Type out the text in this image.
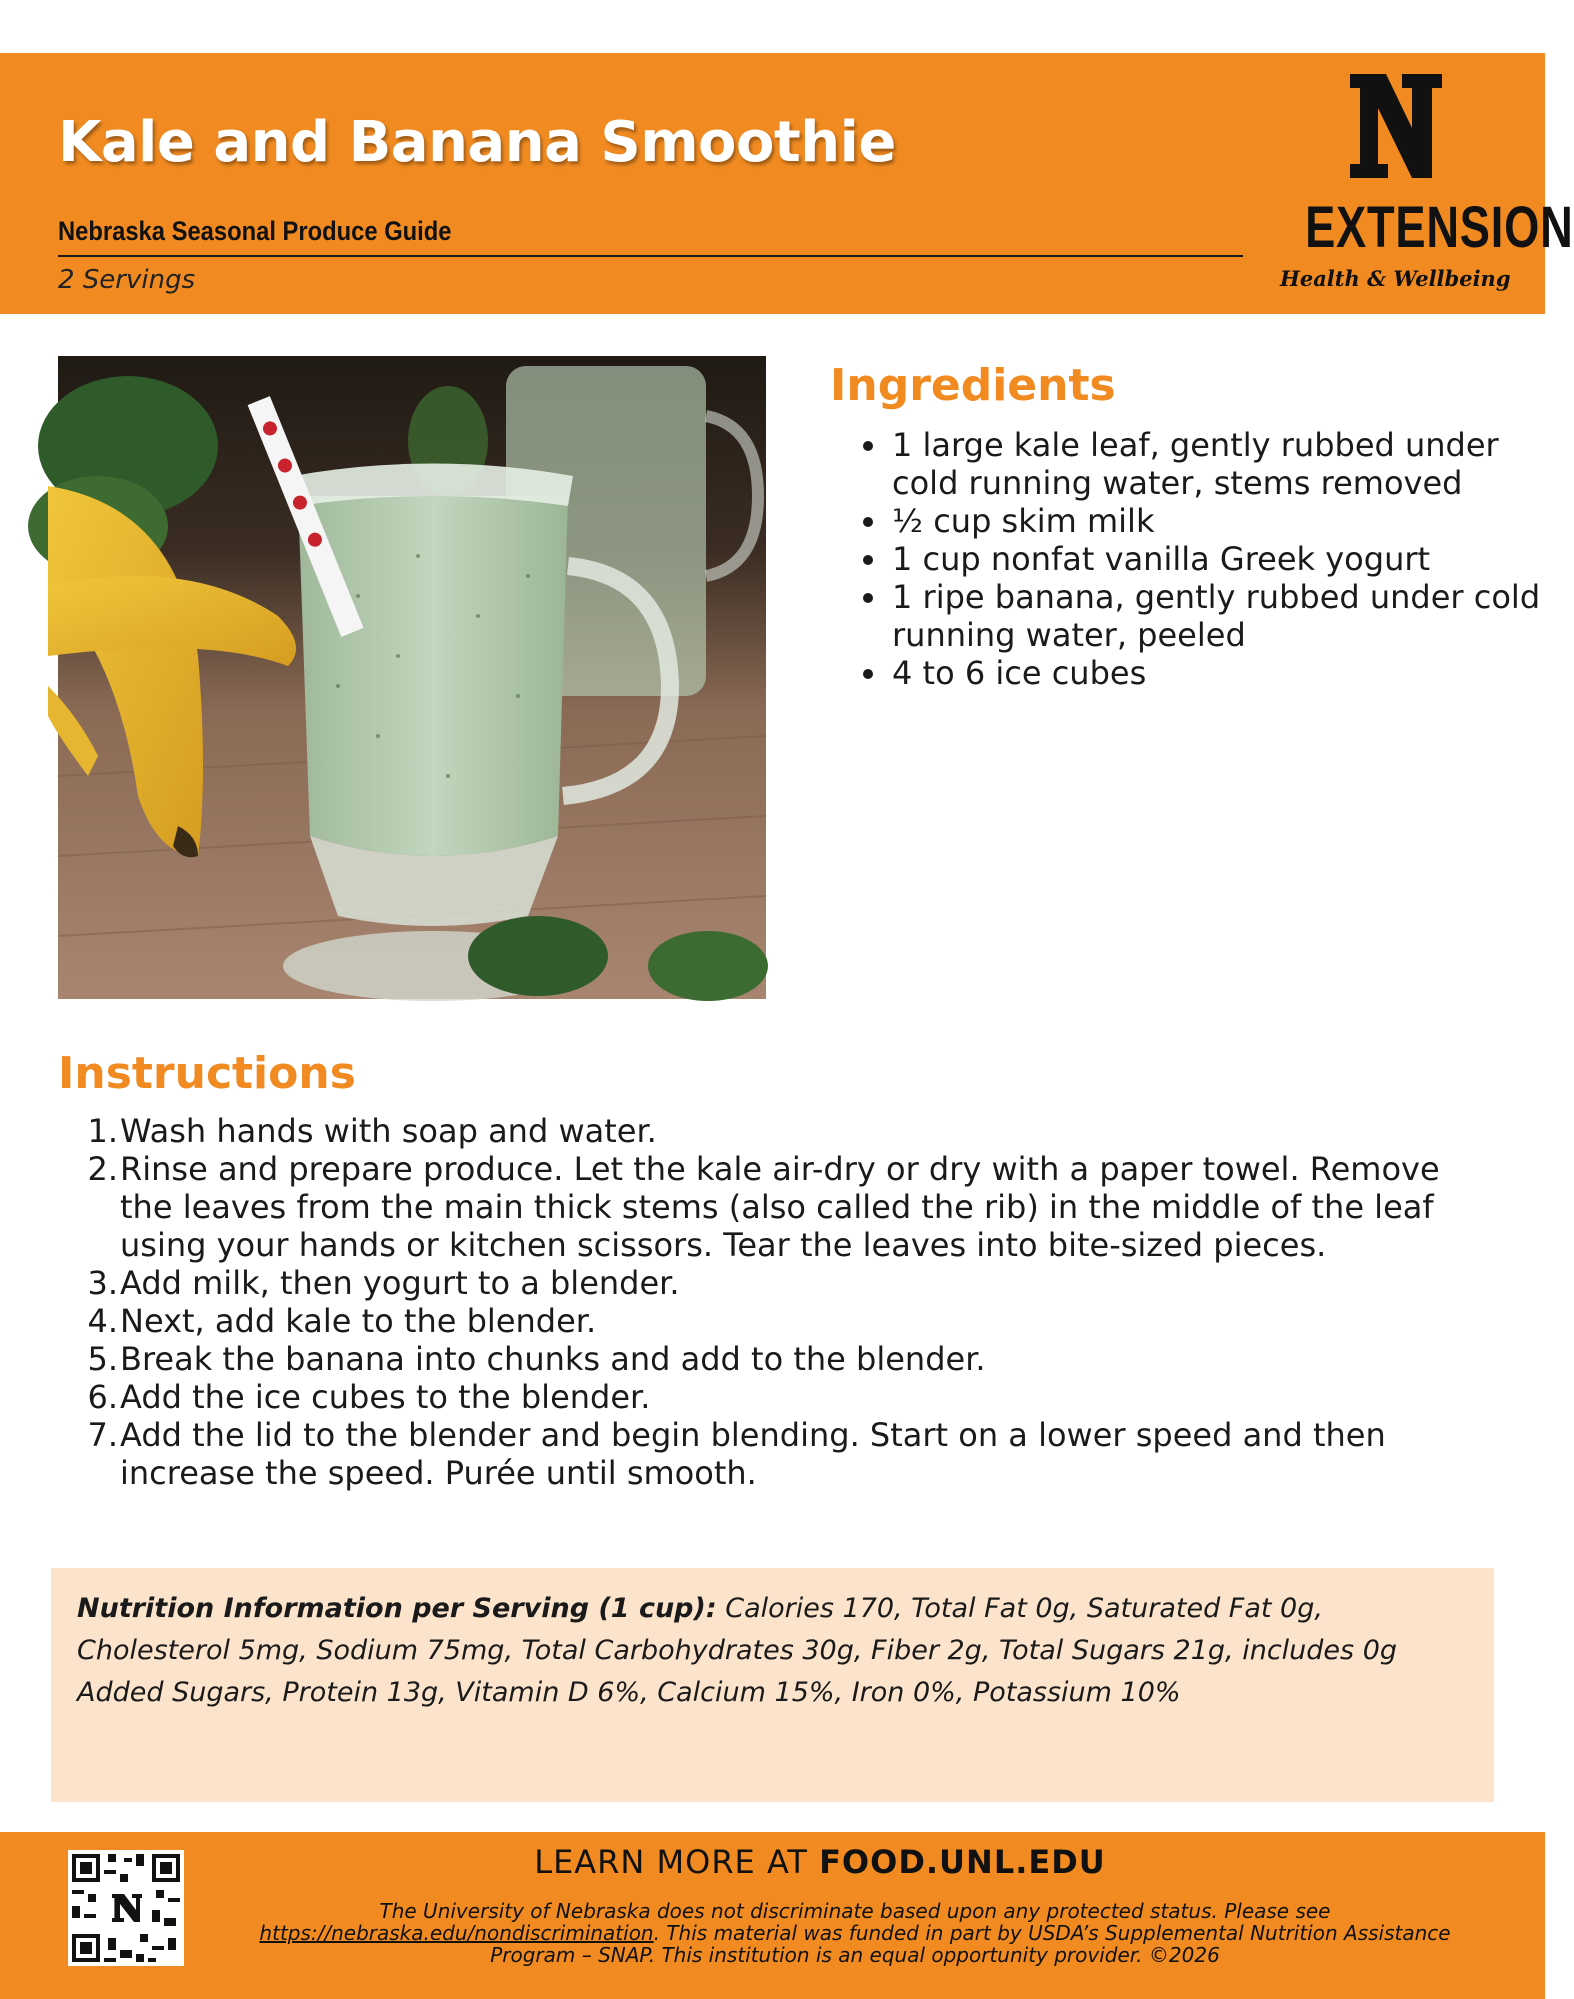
Kale and Banana Smoothie
Nebraska Seasonal Produce Guide
2 Servings
EXTENSION
Health & Wellbeing
Ingredients
• 1 large kale leaf, gently rubbed under cold running water, stems removed
• ½ cup skim milk
• 1 cup nonfat vanilla Greek yogurt
• 1 ripe banana, gently rubbed under cold running water, peeled
• 4 to 6 ice cubes
Instructions
1. Wash hands with soap and water.
2. Rinse and prepare produce. Let the kale air-dry or dry with a paper towel. Remove the leaves from the main thick stems (also called the rib) in the middle of the leaf using your hands or kitchen scissors. Tear the leaves into bite-sized pieces.
3. Add milk, then yogurt to a blender.
4. Next, add kale to the blender.
5. Break the banana into chunks and add to the blender.
6. Add the ice cubes to the blender.
7. Add the lid to the blender and begin blending. Start on a lower speed and then increase the speed. Purée until smooth.
Nutrition Information per Serving (1 cup): Calories 170, Total Fat 0g, Saturated Fat 0g, Cholesterol 5mg, Sodium 75mg, Total Carbohydrates 30g, Fiber 2g, Total Sugars 21g, includes 0g Added Sugars, Protein 13g, Vitamin D 6%, Calcium 15%, Iron 0%, Potassium 10%
LEARN MORE AT FOOD.UNL.EDU
The University of Nebraska does not discriminate based upon any protected status. Please see https://nebraska.edu/nondiscrimination. This material was funded in part by USDA’s Supplemental Nutrition Assistance Program – SNAP. This institution is an equal opportunity provider. ©2026
